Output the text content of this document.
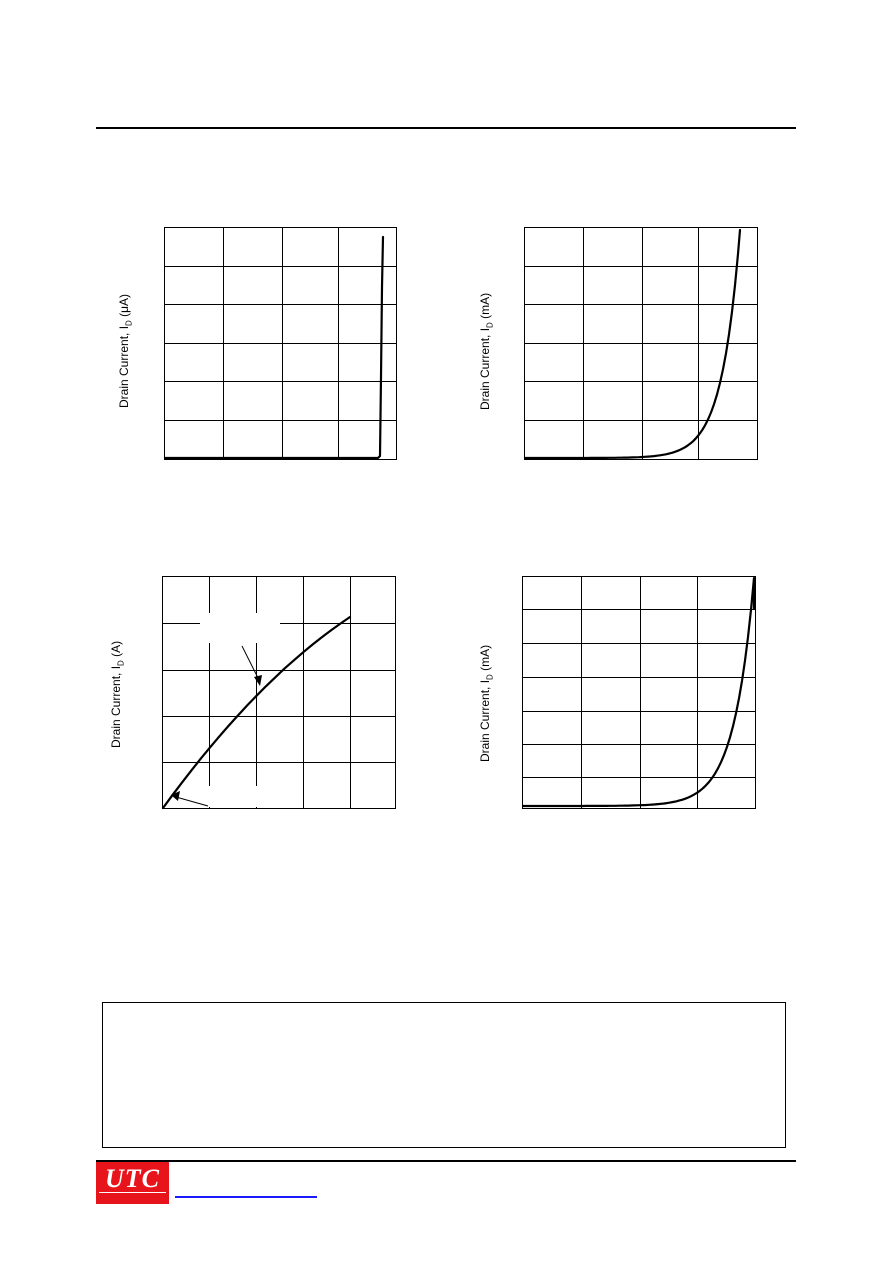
Drain Current, $I_D$ (μA)
Drain Current, $I_D$ (mA)
Drain Current, $I_D$ (A)
Drain Current, $I_D$ (mA)
UTC
